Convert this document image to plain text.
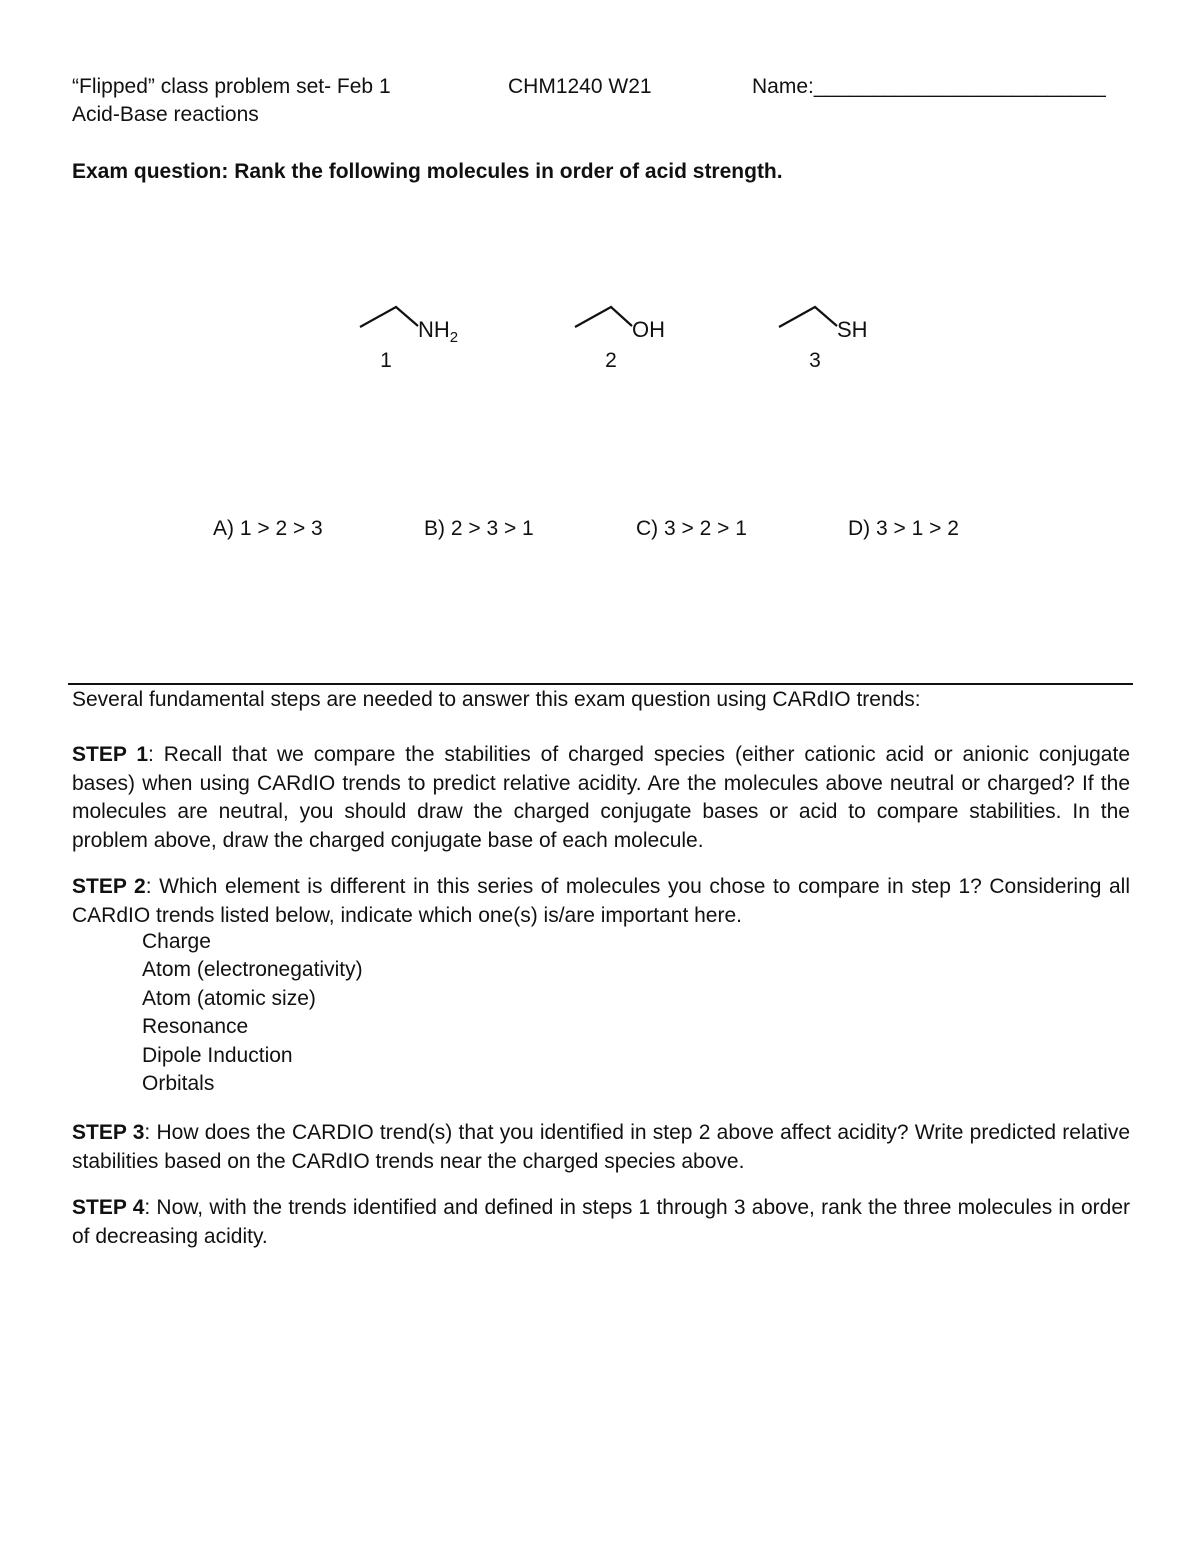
“Flipped” class problem set- Feb 1	CHM1240 W21	Name:_________________________
Acid-Base reactions
Exam question: Rank the following molecules in order of acid strength.
$NH_2$
1
OH
2
SH
3
A) 1 > 2 > 3	B) 2 > 3 > 1	C) 3 > 2 > 1	D) 3 > 1 > 2
Several fundamental steps are needed to answer this exam question using CARdIO trends:
STEP 1: Recall that we compare the stabilities of charged species (either cationic acid or anionic conjugate bases) when using CARdIO trends to predict relative acidity. Are the molecules above neutral or charged? If the molecules are neutral, you should draw the charged conjugate bases or acid to compare stabilities. In the problem above, draw the charged conjugate base of each molecule.
STEP 2: Which element is different in this series of molecules you chose to compare in step 1? Considering all CARdIO trends listed below, indicate which one(s) is/are important here.
Charge
Atom (electronegativity)
Atom (atomic size)
Resonance
Dipole Induction
Orbitals
STEP 3: How does the CARDIO trend(s) that you identified in step 2 above affect acidity? Write predicted relative stabilities based on the CARdIO trends near the charged species above.
STEP 4: Now, with the trends identified and defined in steps 1 through 3 above, rank the three molecules in order of decreasing acidity.
